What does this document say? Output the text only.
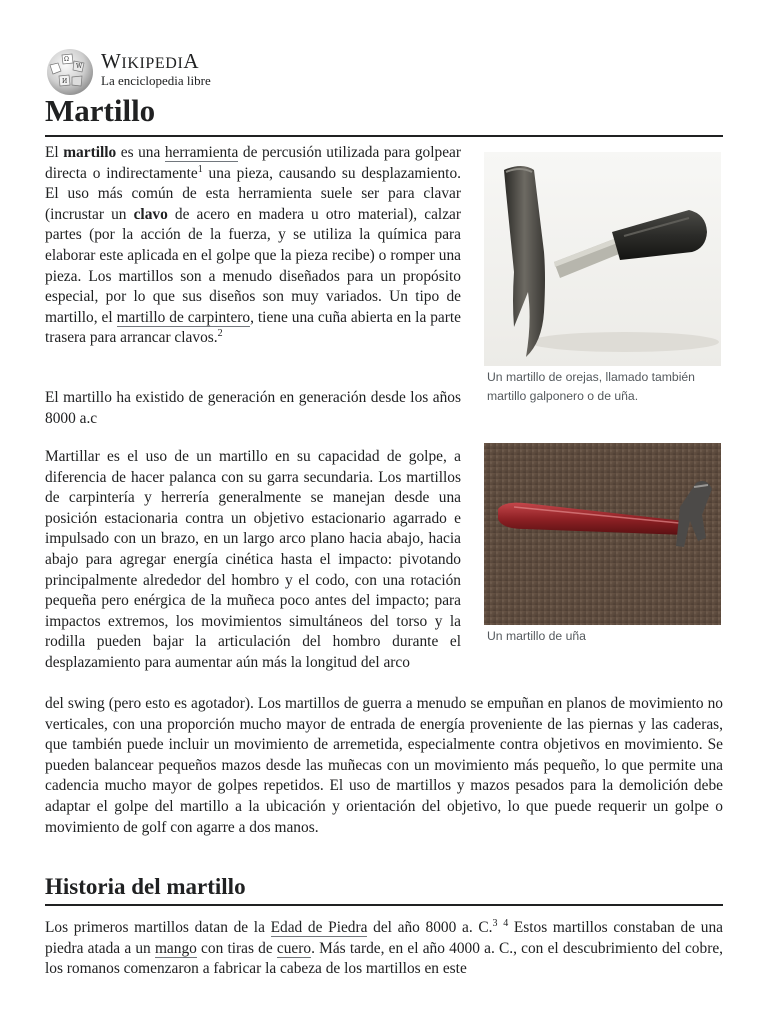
Ω
W
И
WIKIPEDIA
La enciclopedia libre
Martillo

El martillo es una herramienta de percusión utilizada para golpear directa o indirectamente$^1$ una pieza, causando su desplazamiento. El uso más común de esta herramienta suele ser para clavar (incrustar un clavo de acero en madera u otro material), calzar partes (por la acción de la fuerza, y se utiliza la química para elaborar este aplicada en el golpe que la pieza recibe) o romper una pieza. Los martillos son a menudo diseñados para un propósito especial, por lo que sus diseños son muy variados. Un tipo de martillo, el martillo de carpintero, tiene una cuña abierta en la parte trasera para arrancar clavos.$^2$

El martillo ha existido de generación en generación desde los años 8000 a.c

Martillar es el uso de un martillo en su capacidad de golpe, a diferencia de hacer palanca con su garra secundaria. Los martillos de carpintería y herrería generalmente se manejan desde una posición estacionaria contra un objetivo estacionario agarrado e impulsado con un brazo, en un largo arco plano hacia abajo, hacia abajo para agregar energía cinética hasta el impacto: pivotando principalmente alrededor del hombro y el codo, con una rotación pequeña pero enérgica de la muñeca poco antes del impacto; para impactos extremos, los movimientos simultáneos del torso y la rodilla pueden bajar la articulación del hombro durante el desplazamiento para aumentar aún más la longitud del arco

del swing (pero esto es agotador). Los martillos de guerra a menudo se empuñan en planos de movimiento no verticales, con una proporción mucho mayor de entrada de energía proveniente de las piernas y las caderas, que también puede incluir un movimiento de arremetida, especialmente contra objetivos en movimiento. Se pueden balancear pequeños mazos desde las muñecas con un movimiento más pequeño, lo que permite una cadencia mucho mayor de golpes repetidos. El uso de martillos y mazos pesados para la demolición debe adaptar el golpe del martillo a la ubicación y orientación del objetivo, lo que puede requerir un golpe o movimiento de golf con agarre a dos manos.

Un martillo de orejas, llamado también martillo galponero o de uña.
Un martillo de uña
Historia del martillo

Los primeros martillos datan de la Edad de Piedra del año 8000 a. C.$^3$ $^4$ Estos martillos constaban de una piedra atada a un mango con tiras de cuero. Más tarde, en el año 4000 a. C., con el descubrimiento del cobre, los romanos comenzaron a fabricar la cabeza de los martillos en este
